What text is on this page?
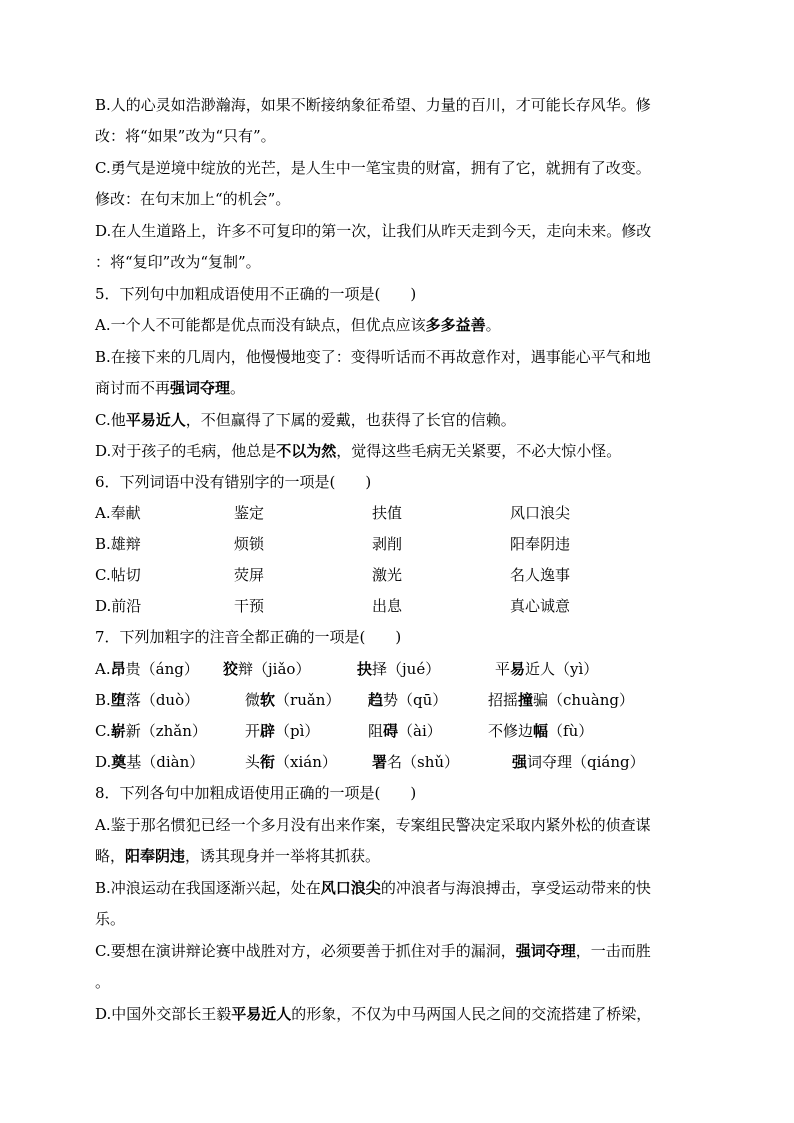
B.人的心灵如浩渺瀚海，如果不断接纳象征希望、力量的百川，才可能长存风华。修
改：将“如果”改为“只有”。
C.勇气是逆境中绽放的光芒，是人生中一笔宝贵的财富，拥有了它，就拥有了改变。
修改：在句末加上“的机会”。
D.在人生道路上，许多不可复印的第一次，让我们从昨天走到今天，走向未来。修改
：将“复印”改为“复制”。
5．下列句中加粗成语使用不正确的一项是(　　)
A.一个人不可能都是优点而没有缺点，但优点应该多多益善。
B.在接下来的几周内，他慢慢地变了：变得听话而不再故意作对，遇事能心平气和地
商讨而不再强词夺理。
C.他平易近人，不但赢得了下属的爱戴，也获得了长官的信赖。
D.对于孩子的毛病，他总是不以为然，觉得这些毛病无关紧要，不必大惊小怪。
6．下列词语中没有错别字的一项是(　　)
A.奉献	鉴定	扶值	风口浪尖
B.雄辩	烦锁	剥削	阳奉阴违
C.帖切	荧屏	激光	名人逸事
D.前沿	干预	出息	真心诚意
7．下列加粗字的注音全都正确的一项是(　　)
A.昂贵（áng） 狡辩（jiǎo）	抉择（jué）	平易近人（yì）
B.堕落（duò）	微软（ruǎn） 趋势（qū）	招摇撞骗（chuàng）
C.崭新（zhǎn）	开辟（pì）	阻碍（ài）	不修边幅（fù）
D.奠基（diàn）	头衔（xián） 署名（shǔ）	强词夺理（qiáng）
8．下列各句中加粗成语使用正确的一项是(　　)
A.鉴于那名惯犯已经一个多月没有出来作案，专案组民警决定采取内紧外松的侦查谋
略，阳奉阴违，诱其现身并一举将其抓获。
B.冲浪运动在我国逐渐兴起，处在风口浪尖的冲浪者与海浪搏击，享受运动带来的快
乐。
C.要想在演讲辩论赛中战胜对方，必须要善于抓住对手的漏洞，强词夺理，一击而胜
。
D.中国外交部长王毅平易近人的形象，不仅为中马两国人民之间的交流搭建了桥梁，
